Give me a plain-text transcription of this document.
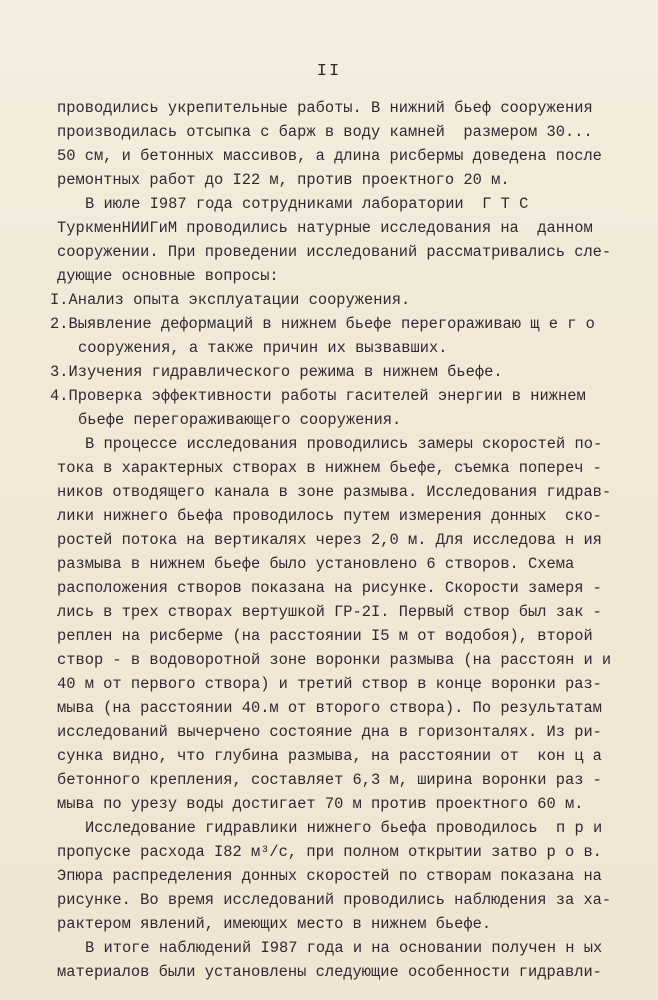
II
проводились укрепительные работы. В нижний бьеф сооружения
производилась отсыпка с барж в воду камней  размером 30...
50 см, и бетонных массивов, а длина рисбермы доведена после
ремонтных работ до I22 м, против проектного 20 м.
В июле I987 года сотрудниками лаборатории  Г Т С
ТуркменНИИГиМ проводились натурные исследования на  данном
сооружении. При проведении исследований рассматривались сле-
дующие основные вопросы:
I.Анализ опыта эксплуатации сооружения.
2.Выявление деформаций в нижнем бьефе перегораживаю щ е г о
сооружения, а также причин их вызвавших.
3.Изучения гидравлического режима в нижнем бьефе.
4.Проверка эффективности работы гасителей энергии в нижнем
бьефе перегораживающего сооружения.
В процессе исследования проводились замеры скоростей по-
тока в характерных створах в нижнем бьефе, съемка попереч -
ников отводящего канала в зоне размыва. Исследования гидрав-
лики нижнего бьефа проводилось путем измерения донных  ско-
ростей потока на вертикалях через 2,0 м. Для исследова н ия
размыва в нижнем бьефе было установлено 6 створов. Схема
расположения створов показана на рисунке. Скорости замеря -
лись в трех створах вертушкой ГР-2I. Первый створ был зак -
реплен на рисберме (на расстоянии I5 м от водобоя), второй
створ - в водоворотной зоне воронки размыва (на расстоян и и
40 м от первого створа) и третий створ в конце воронки раз-
мыва (на расстоянии 40.м от второго створа). По результатам
исследований вычерчено состояние дна в горизонталях. Из ри-
сунка видно, что глубина размыва, на расстоянии от  кон ц а
бетонного крепления, составляет 6,3 м, ширина воронки раз -
мыва по урезу воды достигает 70 м против проектного 60 м.
Исследование гидравлики нижнего бьефа проводилось  п р и
пропуске расхода I82 м³/с, при полном открытии затво р о в.
Эпюра распределения донных скоростей по створам показана на
рисунке. Во время исследований проводились наблюдения за ха-
рактером явлений, имеющих место в нижнем бьефе.
В итоге наблюдений I987 года и на основании получен н ых
материалов были установлены следующие особенности гидравли-
